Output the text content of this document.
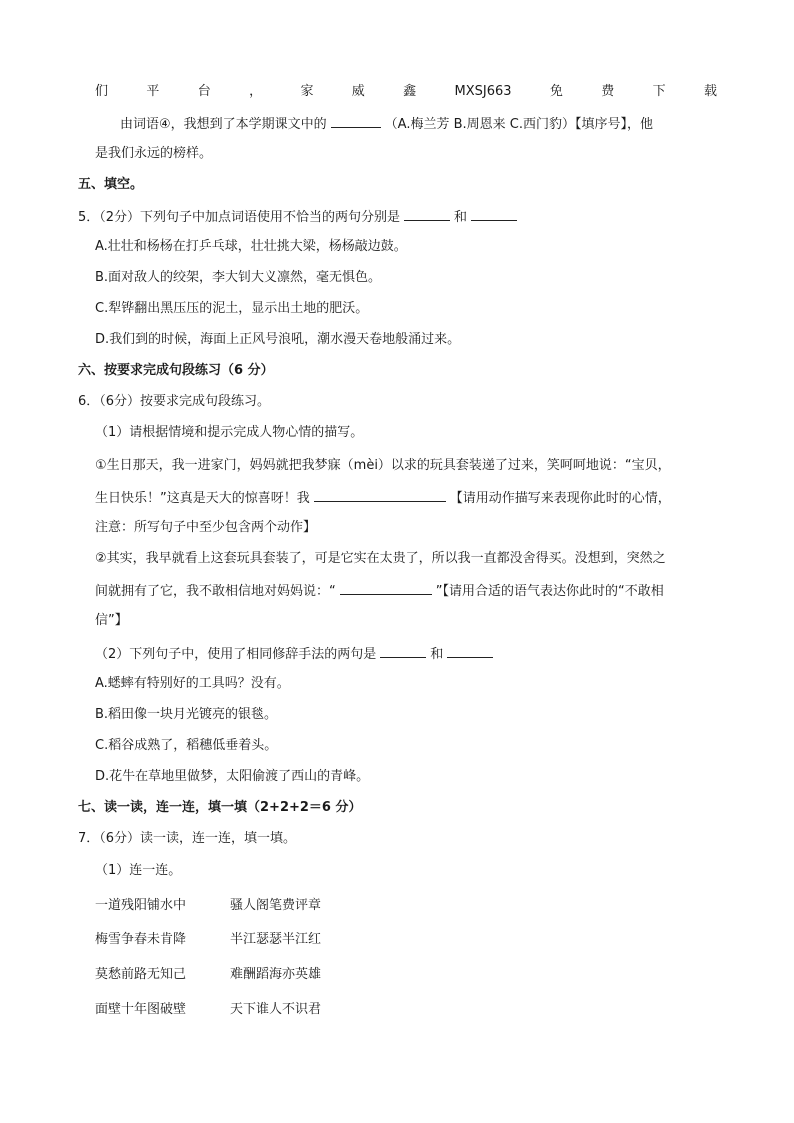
们	平	台	，	家	威	鑫	MXSJ663	免	费	下	载
由词语④，我想到了本学期课文中的	（A.梅兰芳 B.周恩来 C.西门豹）【填序号】，他
是我们永远的榜样。
五、填空。
5．（2分）下列句子中加点词语使用不恰当的两句分别是	和
A.壮壮和杨杨在打乒乓球，壮壮挑大梁，杨杨敲边鼓。
B.面对敌人的绞架，李大钊大义凛然，毫无惧色。
C.犁铧翻出黑压压的泥土，显示出土地的肥沃。
D.我们到的时候，海面上正风号浪吼，潮水漫天卷地般涌过来。
六、按要求完成句段练习（6 分）
6．（6分）按要求完成句段练习。
（1）请根据情境和提示完成人物心情的描写。
①生日那天，我一进家门，妈妈就把我梦寐（mèi）以求的玩具套装递了过来，笑呵呵地说：“宝贝，
生日快乐！”这真是天大的惊喜呀！我	【请用动作描写来表现你此时的心情，
注意：所写句子中至少包含两个动作】
②其实，我早就看上这套玩具套装了，可是它实在太贵了，所以我一直都没舍得买。没想到，突然之
间就拥有了它，我不敢相信地对妈妈说：“	”【请用合适的语气表达你此时的“不敢相
信”】
（2）下列句子中，使用了相同修辞手法的两句是	和
A.蟋蟀有特别好的工具吗？没有。
B.稻田像一块月光镀亮的银毯。
C.稻谷成熟了，稻穗低垂着头。
D.花牛在草地里做梦，太阳偷渡了西山的青峰。
七、读一读，连一连，填一填（2+2+2＝6 分）
7．（6分）读一读，连一连，填一填。
（1）连一连。
一道残阳铺水中	骚人阁笔费评章
梅雪争春未肯降	半江瑟瑟半江红
莫愁前路无知己	难酬蹈海亦英雄
面壁十年图破壁	天下谁人不识君
